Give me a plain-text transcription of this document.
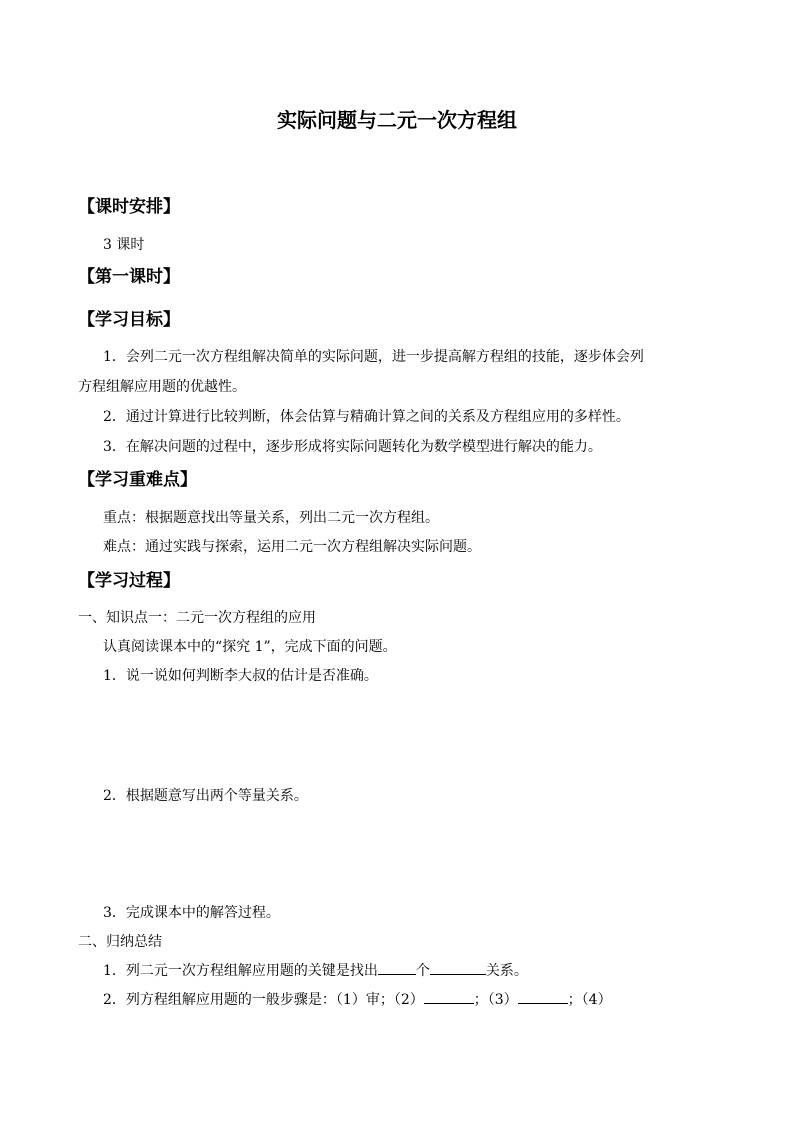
实际问题与二元一次方程组
【课时安排】
3 课时
【第一课时】
【学习目标】
1．会列二元一次方程组解决简单的实际问题，进一步提高解方程组的技能，逐步体会列
方程组解应用题的优越性。
2．通过计算进行比较判断，体会估算与精确计算之间的关系及方程组应用的多样性。
3．在解决问题的过程中，逐步形成将实际问题转化为数学模型进行解决的能力。
【学习重难点】
重点：根据题意找出等量关系，列出二元一次方程组。
难点：通过实践与探索，运用二元一次方程组解决实际问题。
【学习过程】
一、知识点一：二元一次方程组的应用
认真阅读课本中的“探究 1”，完成下面的问题。
1．说一说如何判断李大叔的估计是否准确。
2．根据题意写出两个等量关系。
3．完成课本中的解答过程。
二、归纳总结
1．列二元一次方程组解应用题的关键是找出	个	关系。
2．列方程组解应用题的一般步骤是：（1）审；（2）	；（3）	；（4）
